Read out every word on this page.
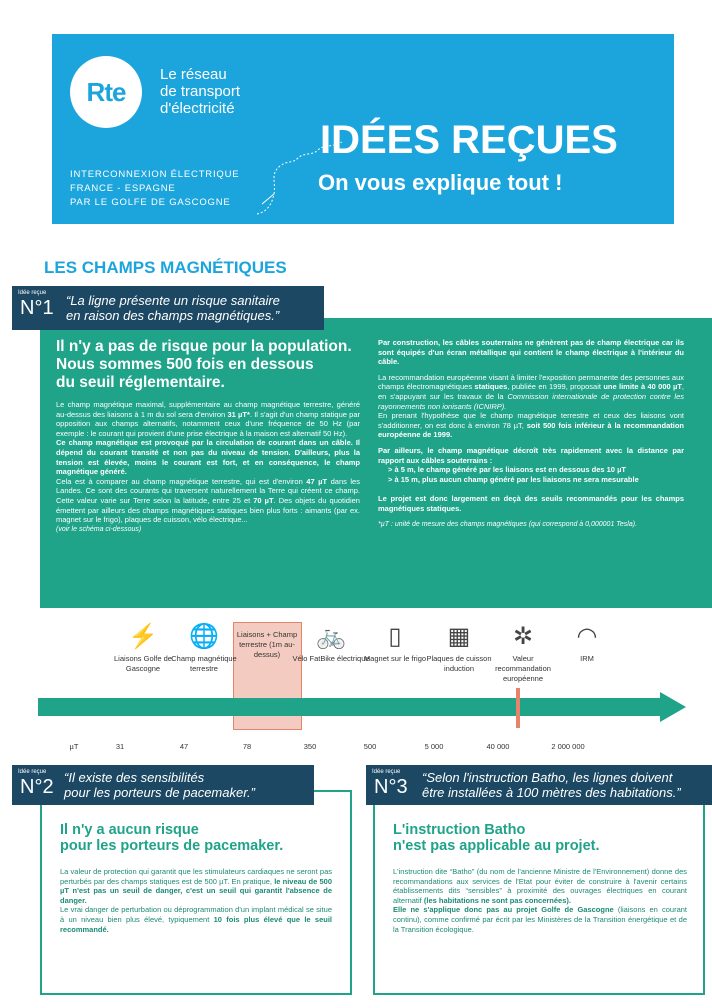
Rte
Le réseau
de transport
d'électricité
INTERCONNEXION ÉLECTRIQUE
FRANCE - ESPAGNE
PAR LE GOLFE DE GASCOGNE
IDÉES REÇUES
On vous explique tout !
LES CHAMPS MAGNÉTIQUES
Il n'y a pas de risque pour la population.
Nous sommes 500 fois en dessous
du seuil réglementaire.

Le champ magnétique maximal, supplémentaire au champ magnétique terrestre, généré au-dessus des liaisons à 1 m du sol sera d'environ 31 µT*. Il s'agit d'un champ statique par opposition aux champs alternatifs, notamment ceux d'une fréquence de 50 Hz (par exemple : le courant qui provient d'une prise électrique à la maison est alternatif 50 Hz).

Ce champ magnétique est provoqué par la circulation de courant dans un câble. Il dépend du courant transité et non pas du niveau de tension. D'ailleurs, plus la tension est élevée, moins le courant est fort, et en conséquence, le champ magnétique généré.

Cela est à comparer au champ magnétique terrestre, qui est d'environ 47 µT dans les Landes. Ce sont des courants qui traversent naturellement la Terre qui créent ce champ. Cette valeur varie sur Terre selon la latitude, entre 25 et 70 µT. Des objets du quotidien émettent par ailleurs des champs magnétiques statiques bien plus forts : aimants (par ex. magnet sur le frigo), plaques de cuisson, vélo électrique...

(voir le schéma ci-dessous)

Par construction, les câbles souterrains ne génèrent pas de champ électrique car ils sont équipés d'un écran métallique qui contient le champ électrique à l'intérieur du câble.

La recommandation européenne visant à limiter l'exposition permanente des personnes aux champs électromagnétiques statiques, publiée en 1999, proposait une limite à 40 000 µT, en s'appuyant sur les travaux de la Commission internationale de protection contre les rayonnements non ionisants (ICNIRP).
En prenant l'hypothèse que le champ magnétique terrestre et ceux des liaisons vont s'additionner, on est donc à environ 78 µT, soit 500 fois inférieur à la recommandation européenne de 1999.

Par ailleurs, le champ magnétique décroît très rapidement avec la distance par rapport aux câbles souterrains :
> à 5 m, le champ généré par les liaisons est en dessous des 10 µT
> à 15 m, plus aucun champ généré par les liaisons ne sera mesurable

Le projet est donc largement en deçà des seuils recommandés pour les champs magnétiques statiques.

*µT : unité de mesure des champs magnétiques (qui correspond à 0,000001 Tesla).

Idée reçue
N°1 “La ligne présente un risque sanitaire
en raison des champs magnétiques.”
⚡
Liaisons Golfe de Gascogne
🌐
Champ magnétique terrestre
Liaisons + Champ terrestre (1m au-dessus)
🚲
Vélo FatBike électrique
▯
Magnet sur le frigo
▦
Plaques de cuisson induction
✲
Valeur recommandation européenne
◠
IRM
µT	31	47	78	350	500	5 000	40 000	2 000 000
Il n'y a aucun risque
pour les porteurs de pacemaker.
La valeur de protection qui garantit que les stimulateurs cardiaques ne seront pas perturbés par des champs statiques est de 500 µT. En pratique, le niveau de 500 µT n'est pas un seuil de danger, c'est un seuil qui garantit l'absence de danger.
Le vrai danger de perturbation ou déprogrammation d'un implant médical se situe à un niveau bien plus élevé, typiquement 10 fois plus élevé que le seuil recommandé.
Idée reçue
N°2 “Il existe des sensibilités
pour les porteurs de pacemaker.”
L'instruction Batho
n'est pas applicable au projet.
L'instruction dite “Batho” (du nom de l'ancienne Ministre de l'Environnement) donne des recommandations aux services de l'Etat pour éviter de construire à l'avenir certains établissements dits “sensibles” à proximité des ouvrages électriques en courant alternatif (les habitations ne sont pas concernées).
Elle ne s'applique donc pas au projet Golfe de Gascogne (liaisons en courant continu), comme confirmé par écrit par les Ministères de la Transition énergétique et de la Transition écologique.
Idée reçue
N°3 “Selon l'instruction Batho, les lignes doivent
être installées à 100 mètres des habitations.”
